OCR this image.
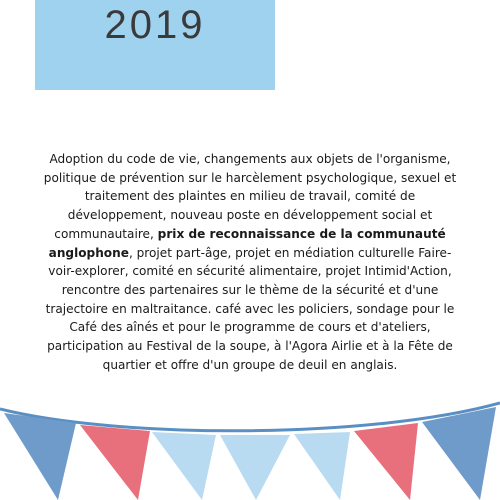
2019

Adoption du code de vie, changements aux objets de l'organisme, politique de prévention sur le harcèlement psychologique, sexuel et traitement des plaintes en milieu de travail, comité de développement, nouveau poste en développement social et communautaire, prix de reconnaissance de la communauté anglophone, projet part-âge, projet en médiation culturelle Faire-voir-explorer, comité en sécurité alimentaire, projet Intimid'Action, rencontre des partenaires sur le thème de la sécurité et d'une trajectoire en maltraitance. café avec les policiers, sondage pour le Café des aînés et pour le programme de cours et d'ateliers, participation au Festival de la soupe, à l'Agora Airlie et à la Fête de quartier et offre d'un groupe de deuil en anglais.
